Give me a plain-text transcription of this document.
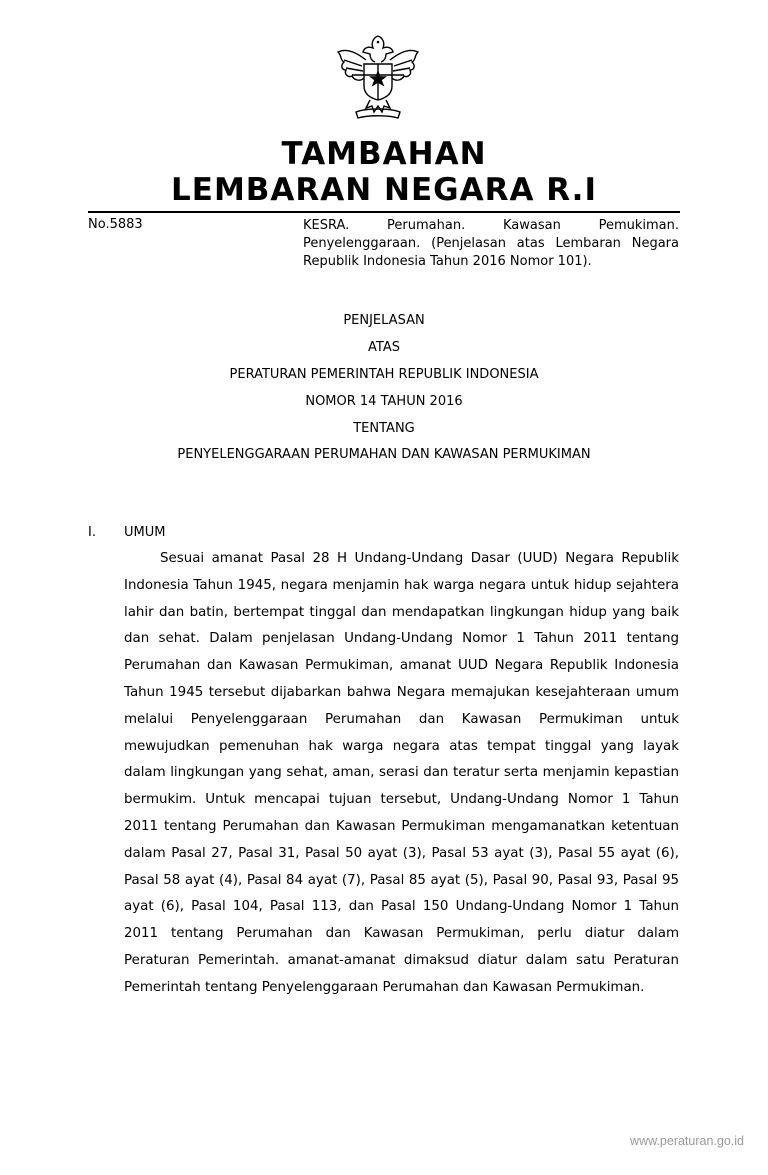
TAMBAHAN
LEMBARAN NEGARA R.I
No.5883	KESRA. Perumahan. Kawasan Pemukiman. Penyelenggaraan. (Penjelasan atas Lembaran Negara Republik Indonesia Tahun 2016 Nomor 101).
PENJELASAN
ATAS
PERATURAN PEMERINTAH REPUBLIK INDONESIA
NOMOR 14 TAHUN 2016
TENTANG
PENYELENGGARAAN PERUMAHAN DAN KAWASAN PERMUKIMAN
I. UMUM
Sesuai amanat Pasal 28 H Undang-Undang Dasar (UUD) Negara Republik Indonesia Tahun 1945, negara menjamin hak warga negara untuk hidup sejahtera lahir dan batin, bertempat tinggal dan mendapatkan lingkungan hidup yang baik dan sehat. Dalam penjelasan Undang-Undang Nomor 1 Tahun 2011 tentang Perumahan dan Kawasan Permukiman, amanat UUD Negara Republik Indonesia Tahun 1945 tersebut dijabarkan bahwa Negara memajukan kesejahteraan umum melalui Penyelenggaraan Perumahan dan Kawasan Permukiman untuk mewujudkan pemenuhan hak warga negara atas tempat tinggal yang layak dalam lingkungan yang sehat, aman, serasi dan teratur serta menjamin kepastian bermukim. Untuk mencapai tujuan tersebut, Undang-Undang Nomor 1 Tahun 2011 tentang Perumahan dan Kawasan Permukiman mengamanatkan ketentuan dalam Pasal 27, Pasal 31, Pasal 50 ayat (3), Pasal 53 ayat (3), Pasal 55 ayat (6), Pasal 58 ayat (4), Pasal 84 ayat (7), Pasal 85 ayat (5), Pasal 90, Pasal 93, Pasal 95 ayat (6), Pasal 104, Pasal 113, dan Pasal 150 Undang-Undang Nomor 1 Tahun 2011 tentang Perumahan dan Kawasan Permukiman, perlu diatur dalam Peraturan Pemerintah. amanat-amanat dimaksud diatur dalam satu Peraturan Pemerintah tentang Penyelenggaraan Perumahan dan Kawasan Permukiman.
www.peraturan.go.id
